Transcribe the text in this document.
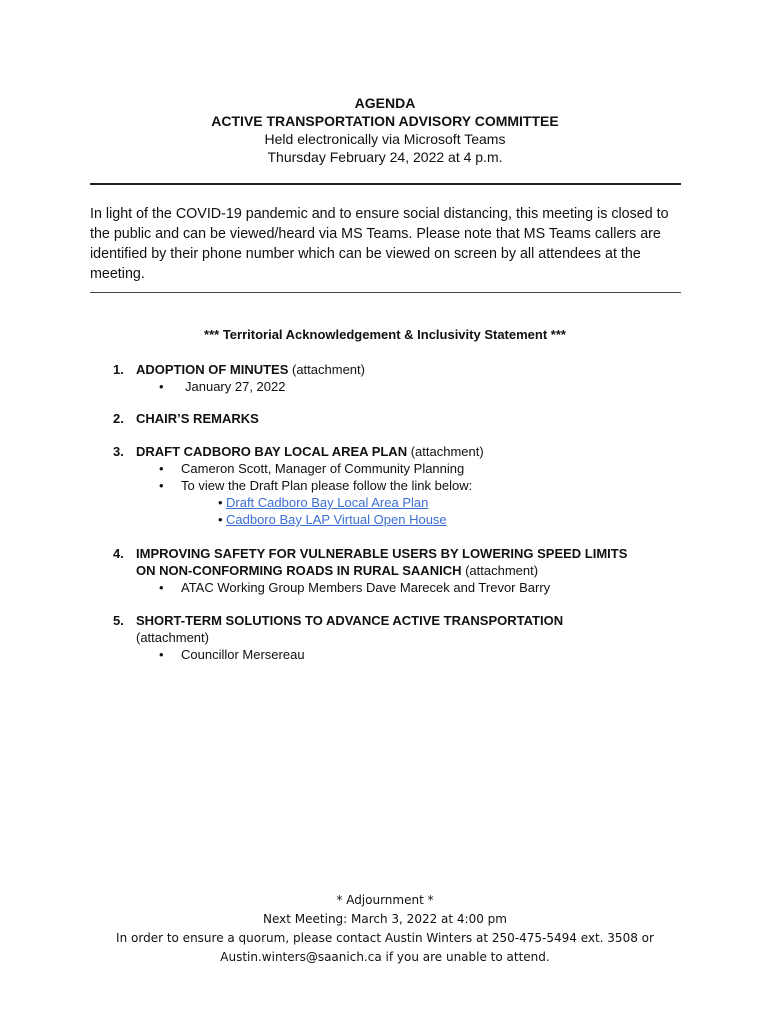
AGENDA
ACTIVE TRANSPORTATION ADVISORY COMMITTEE
Held electronically via Microsoft Teams
Thursday February 24, 2022 at 4 p.m.
In light of the COVID-19 pandemic and to ensure social distancing, this meeting is closed to the public and can be viewed/heard via MS Teams. Please note that MS Teams callers are identified by their phone number which can be viewed on screen by all attendees at the meeting.
*** Territorial Acknowledgement & Inclusivity Statement ***
1. ADOPTION OF MINUTES (attachment)
• January 27, 2022
2. CHAIR’S REMARKS
3. DRAFT CADBORO BAY LOCAL AREA PLAN (attachment)
• Cameron Scott, Manager of Community Planning
• To view the Draft Plan please follow the link below:
• Draft Cadboro Bay Local Area Plan
• Cadboro Bay LAP Virtual Open House
4. IMPROVING SAFETY FOR VULNERABLE USERS BY LOWERING SPEED LIMITS
ON NON-CONFORMING ROADS IN RURAL SAANICH (attachment)
• ATAC Working Group Members Dave Marecek and Trevor Barry
5. SHORT-TERM SOLUTIONS TO ADVANCE ACTIVE TRANSPORTATION
(attachment)
• Councillor Mersereau
* Adjournment *
Next Meeting: March 3, 2022 at 4:00 pm
In order to ensure a quorum, please contact Austin Winters at 250-475-5494 ext. 3508 or
Austin.winters@saanich.ca if you are unable to attend.
